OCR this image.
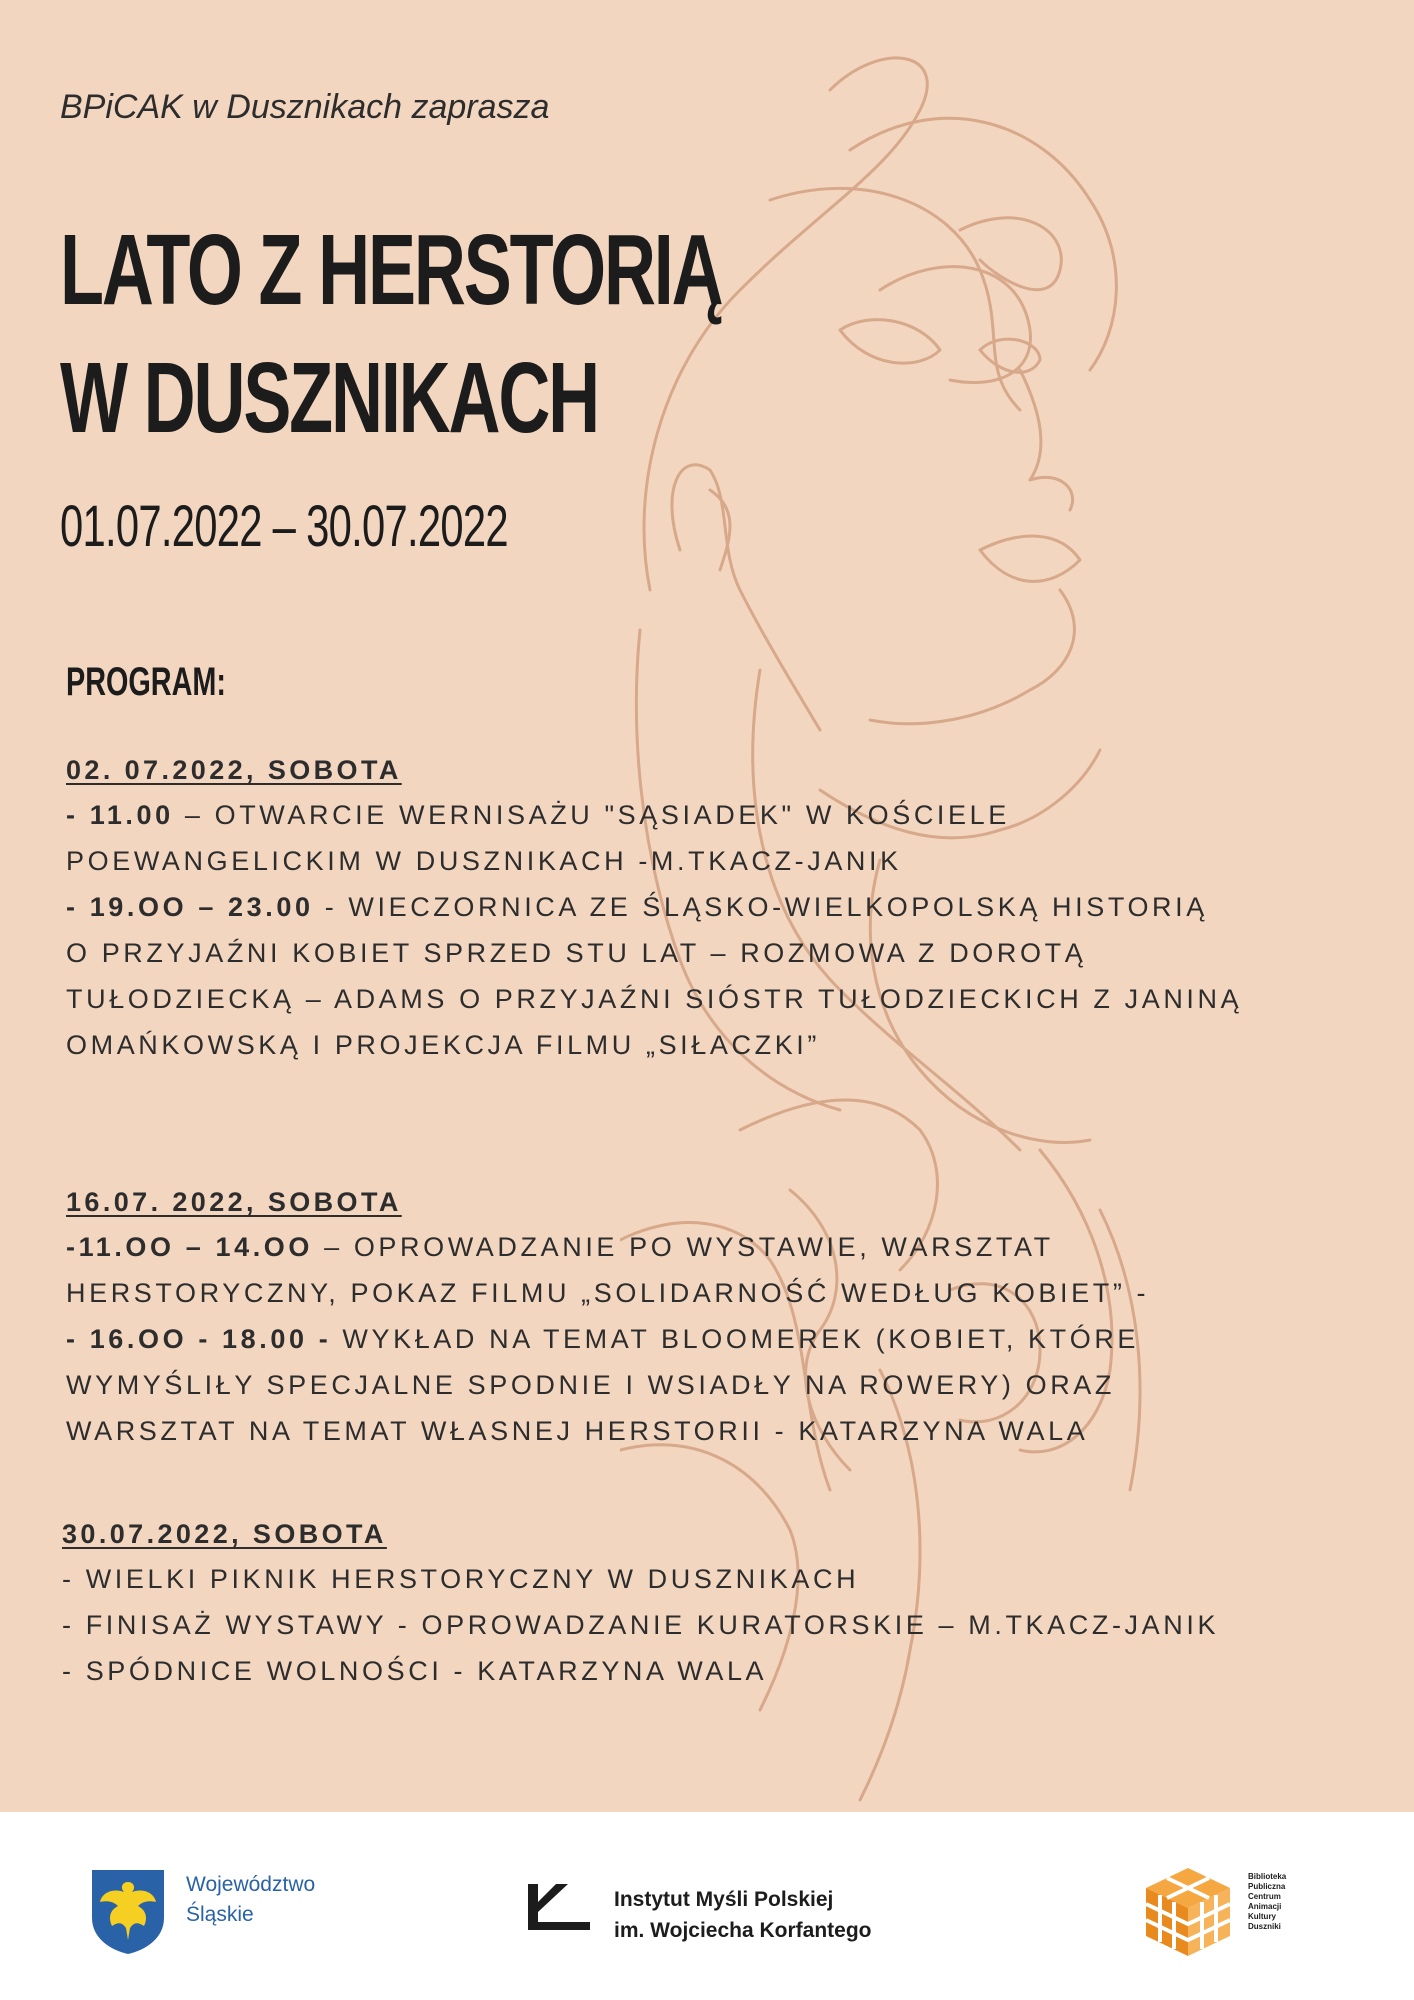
BPiCAK w Dusznikach zaprasza
LATO Z HERSTORIĄ
W DUSZNIKACH
01.07.2022 – 30.07.2022
PROGRAM:
02. 07.2022, SOBOTA
- 11.00 – OTWARCIE WERNISAŻU "SĄSIADEK" W KOŚCIELE
POEWANGELICKIM W DUSZNIKACH -M.TKACZ-JANIK
- 19.OO – 23.00 - WIECZORNICA ZE ŚLĄSKO-WIELKOPOLSKĄ HISTORIĄ
O PRZYJAŹNI KOBIET SPRZED STU LAT – ROZMOWA Z DOROTĄ
TUŁODZIECKĄ – ADAMS O PRZYJAŹNI SIÓSTR TUŁODZIECKICH Z JANINĄ
OMAŃKOWSKĄ I PROJEKCJA FILMU „SIŁACZKI”
16.07. 2022, SOBOTA
-11.OO – 14.OO – OPROWADZANIE PO WYSTAWIE, WARSZTAT
HERSTORYCZNY, POKAZ FILMU „SOLIDARNOŚĆ WEDŁUG KOBIET” -
- 16.OO - 18.00 - WYKŁAD NA TEMAT BLOOMEREK (KOBIET, KTÓRE
WYMYŚLIŁY SPECJALNE SPODNIE I WSIADŁY NA ROWERY) ORAZ
WARSZTAT NA TEMAT WŁASNEJ HERSTORII - KATARZYNA WALA
30.07.2022, SOBOTA
- WIELKI PIKNIK HERSTORYCZNY W DUSZNIKACH
- FINISAŻ WYSTAWY - OPROWADZANIE KURATORSKIE – M.TKACZ-JANIK
- SPÓDNICE WOLNOŚCI - KATARZYNA WALA
Województwo
Śląskie
Instytut Myśli Polskiej
im. Wojciecha Korfantego
Biblioteka
Publiczna
Centrum
Animacji
Kultury
Duszniki
